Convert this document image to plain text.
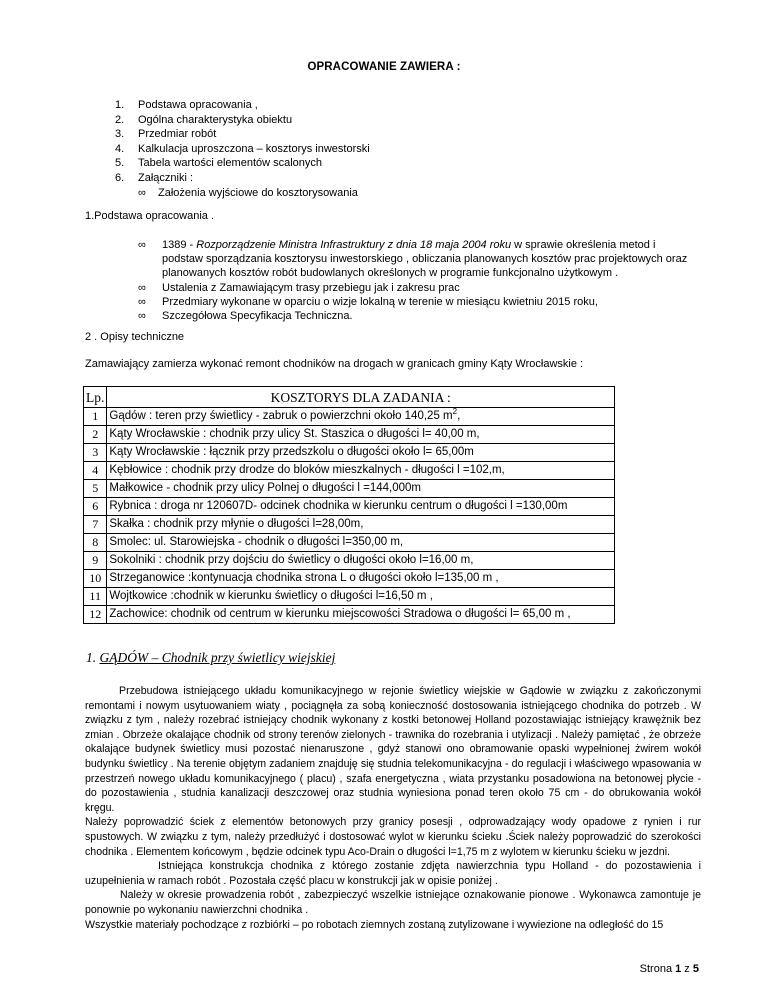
OPRACOWANIE ZAWIERA :
1. Podstawa opracowania ,
2. Ogólna charakterystyka obiektu
3. Przedmiar robót
4. Kalkulacja uproszczona – kosztorys inwestorski
5. Tabela wartości elementów scalonych
6. Załączniki :
∞ Założenia wyjściowe do kosztorysowania
1.Podstawa opracowania .
∞ 1389 - Rozporządzenie Ministra Infrastruktury z dnia 18 maja 2004 roku w sprawie określenia metod i podstaw sporządzania kosztorysu inwestorskiego , obliczania planowanych kosztów prac projektowych oraz planowanych kosztów robót budowlanych określonych w programie funkcjonalno użytkowym .
∞ Ustalenia z Zamawiającym trasy przebiegu jak i zakresu prac
∞ Przedmiary wykonane w oparciu o wizje lokalną w terenie w miesiącu kwietniu 2015 roku,
∞ Szczegółowa Specyfikacja Techniczna.
2 . Opisy techniczne
Zamawiający zamierza wykonać remont chodników na drogach w granicach gminy Kąty Wrocławskie :
Lp.	KOSZTORYS DLA ZADANIA :
1	Gądów : teren przy świetlicy - zabruk o powierzchni około 140,25 $m^2$,
2	Kąty Wrocławskie : chodnik przy ulicy St. Staszica o długości l= 40,00 m,
3	Kąty Wrocławskie : łącznik przy przedszkolu o długości około l= 65,00m
4	Kębłowice : chodnik przy drodze do bloków mieszkalnych - długości l =102,m,
5	Małkowice - chodnik przy ulicy Polnej o długości l =144,000m
6	Rybnica : droga nr 120607D- odcinek chodnika w kierunku centrum o długości l =130,00m
7	Skałka : chodnik przy młynie o długości l=28,00m,
8	Smolec: ul. Starowiejska - chodnik o długości l=350,00 m,
9	Sokolniki : chodnik przy dojściu do świetlicy o długości około l=16,00 m,
10	Strzeganowice :kontynuacja chodnika strona L o długości około l=135,00 m ,
11	Wojtkowice :chodnik w kierunku świetlicy o długości l=16,50 m ,
12	Zachowice: chodnik od centrum w kierunku miejscowości Stradowa o długości l= 65,00 m ,
1. GĄDÓW – Chodnik przy świetlicy wiejskiej

Przebudowa istniejącego układu komunikacyjnego w rejonie świetlicy wiejskie w Gądowie w związku z zakończonymi remontami i nowym usytuowaniem wiaty , pociągnęła za sobą konieczność dostosowania istniejącego chodnika do potrzeb . W związku z tym , należy rozebrać istniejący chodnik wykonany z kostki betonowej Holland pozostawiając istniejący krawężnik bez zmian . Obrzeże okalające chodnik od strony terenów zielonych - trawnika do rozebrania i utylizacji . Należy pamiętać , że obrzeże okalające budynek świetlicy musi pozostać nienaruszone , gdyż stanowi ono obramowanie opaski wypełnionej żwirem wokół budynku świetlicy . Na terenie objętym zadaniem znajduję się studnia telekomunikacyjna - do regulacji i właściwego wpasowania w przestrzeń nowego układu komunikacyjnego ( placu) , szafa energetyczna , wiata przystanku posadowiona na betonowej płycie - do pozostawienia , studnia kanalizacji deszczowej oraz studnia wyniesiona ponad teren około 75 cm - do obrukowania wokół kręgu.

Należy poprowadzić ściek z elementów betonowych przy granicy posesji , odprowadzający wody opadowe z rynien i rur spustowych. W związku z tym, należy przedłużyć i dostosować wylot w kierunku ścieku .Ściek należy poprowadzić do szerokości chodnika . Elementem końcowym , będzie odcinek typu Aco-Drain o długości l=1,75 m z wylotem w kierunku ścieku w jezdni.

Istniejąca konstrukcja chodnika z którego zostanie zdjęta nawierzchnia typu Holland - do pozostawienia i uzupełnienia w ramach robót . Pozostała część placu w konstrukcji jak w opisie poniżej .

Należy w okresie prowadzenia robót , zabezpieczyć wszelkie istniejące oznakowanie pionowe . Wykonawca zamontuje je ponownie po wykonaniu nawierzchni chodnika .

Wszystkie materiały pochodzące z rozbiórki – po robotach ziemnych zostaną zutylizowane i wywiezione na odległość do 15

Strona 1 z 5
